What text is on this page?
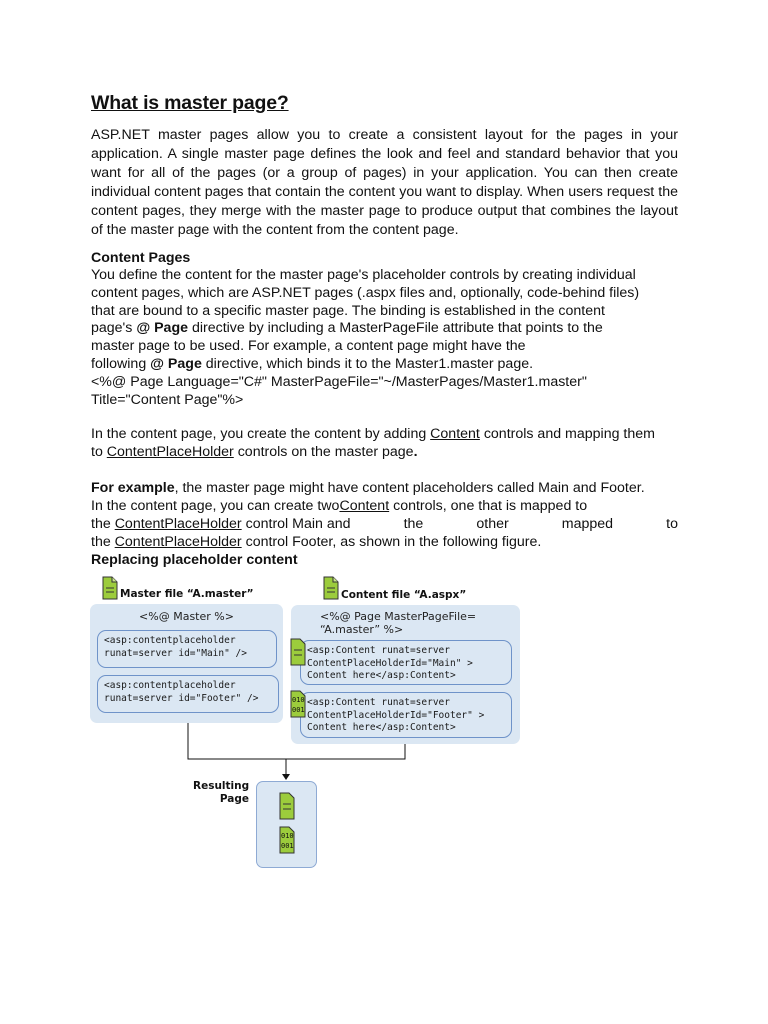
What is master page?

ASP.NET master pages allow you to create a consistent layout for the pages in your application. A single master page defines the look and feel and standard behavior that you want for all of the pages (or a group of pages) in your application. You can then create individual content pages that contain the content you want to display. When users request the content pages, they merge with the master page to produce output that combines the layout of the master page with the content from the content page.

Content Pages
You define the content for the master page's placeholder controls by creating individual
content pages, which are ASP.NET pages (.aspx files and, optionally, code-behind files)
that are bound to a specific master page. The binding is established in the content
page's @ Page directive by including a MasterPageFile attribute that points to the
master page to be used. For example, a content page might have the
following @ Page directive, which binds it to the Master1.master page.
<%@ Page Language="C#" MasterPageFile="~/MasterPages/Master1.master"
Title="Content Page"%>
In the content page, you create the content by adding Content controls and mapping them
to ContentPlaceHolder controls on the master page.
For example, the master page might have content placeholders called Main and Footer.
In the content page, you can create two Content controls, one that is mapped to
the ContentPlaceHolder control Main and	the	other	mapped	to
the ContentPlaceHolder control Footer, as shown in the following figure.
Replacing placeholder content
Master file “A.master”
<%@ Master %>
<asp:contentplaceholder
runat=server id="Main" />
<asp:contentplaceholder
runat=server id="Footer" />
Content file “A.aspx”
<%@ Page MasterPageFile=
“A.master” %>
<asp:Content runat=server
ContentPlaceHolderId="Main" >
Content here</asp:Content>
<asp:Content runat=server
ContentPlaceHolderId="Footer" >
Content here</asp:Content>
010
001
Resulting
Page
010
001
